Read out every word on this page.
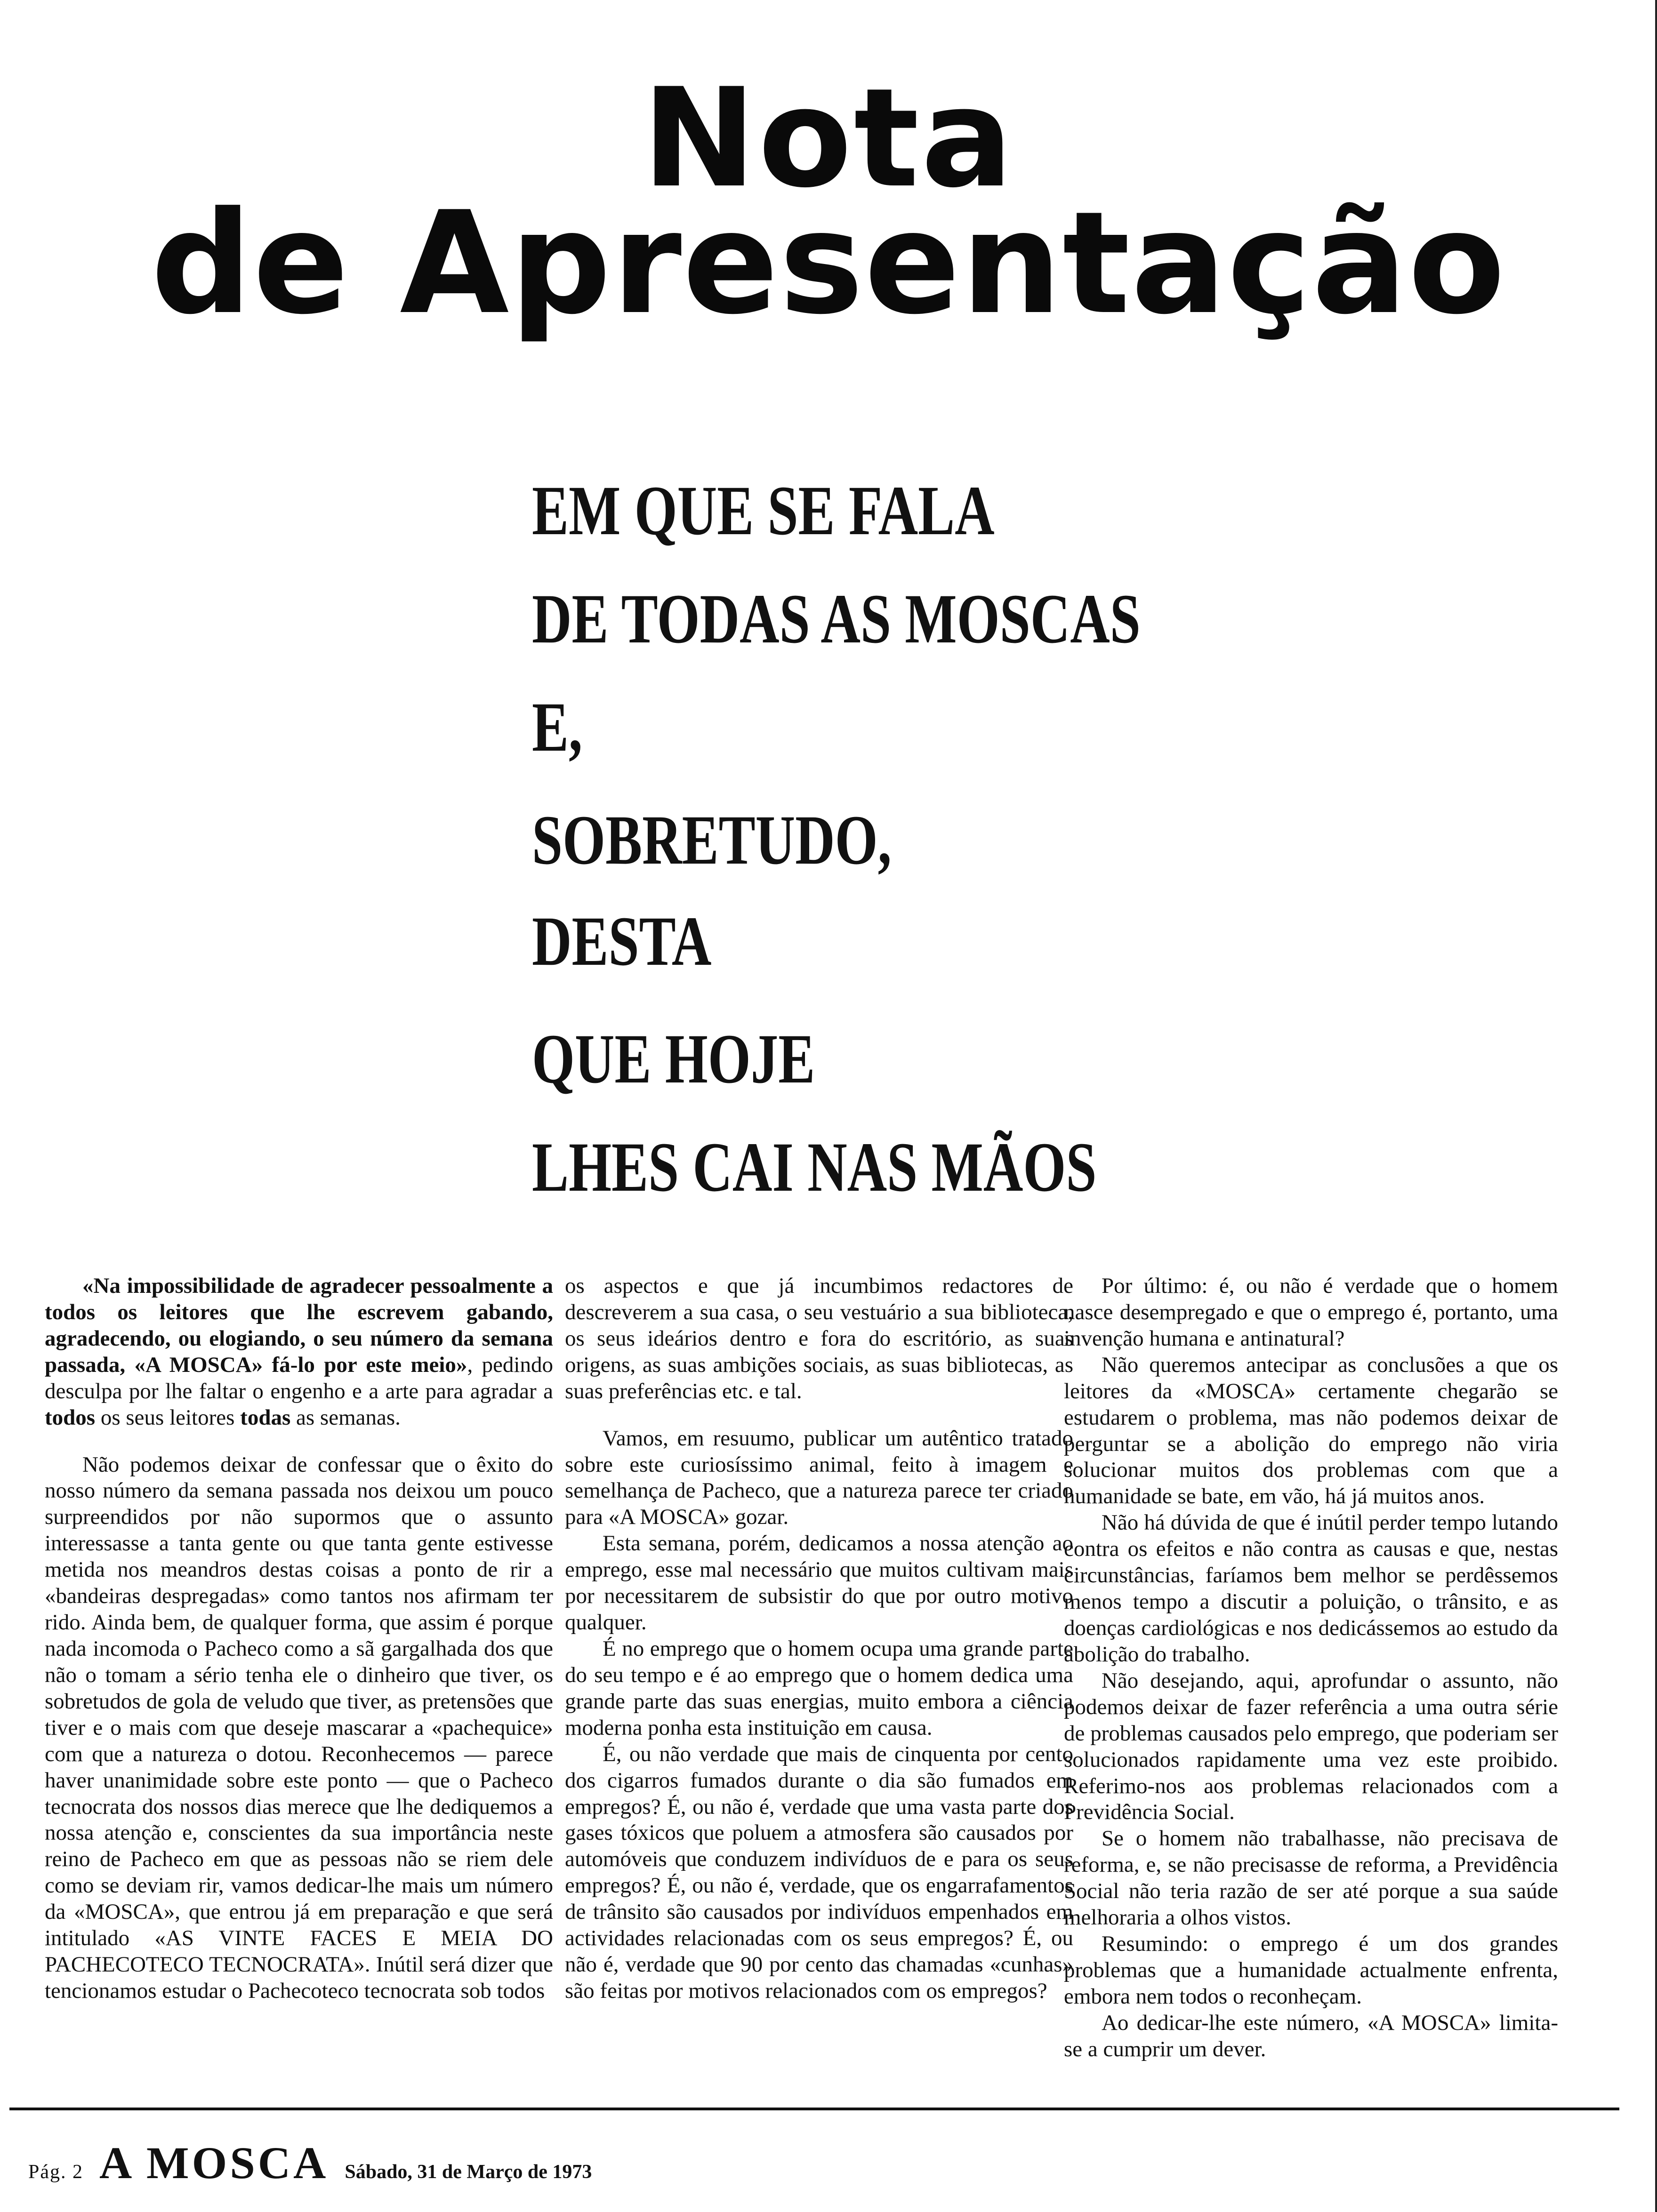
Nota
de Apresentação
EM QUE SE FALA
DE TODAS AS MOSCAS
E,
SOBRETUDO,
DESTA
QUE HOJE
LHES CAI NAS MÃOS

«Na impossibilidade de agradecer pessoalmente a todos os leitores que lhe escrevem gabando, agradecendo, ou elogiando, o seu número da semana passada, «A MOSCA» fá-lo por este meio», pedindo desculpa por lhe faltar o engenho e a arte para agradar a todos os seus leitores todas as semanas.

Não podemos deixar de confessar que o êxito do nosso número da semana passada nos deixou um pouco surpreendidos por não supormos que o assunto interessasse a tanta gente ou que tanta gente estivesse metida nos meandros destas coisas a ponto de rir a «bandeiras despregadas» como tantos nos afirmam ter rido. Ainda bem, de qualquer forma, que assim é porque nada incomoda o Pacheco como a sã gargalhada dos que não o tomam a sério tenha ele o dinheiro que tiver, os sobretudos de gola de veludo que tiver, as pretensões que tiver e o mais com que deseje mascarar a «pachequice» com que a natureza o dotou. Reconhecemos — parece haver unanimidade sobre este ponto — que o Pacheco tecnocrata dos nossos dias merece que lhe dediquemos a nossa atenção e, conscientes da sua importância neste reino de Pacheco em que as pessoas não se riem dele como se deviam rir, vamos dedicar-lhe mais um número da «MOSCA», que entrou já em preparação e que será intitulado «AS VINTE FACES E MEIA DO PACHECOTECO TECNOCRATA». Inútil será dizer que tencionamos estudar o Pachecoteco tecnocrata sob todos

os aspectos e que já incumbimos redactores de descreverem a sua casa, o seu vestuário a sua biblioteca, os seus ideários dentro e fora do escritório, as suas origens, as suas ambições sociais, as suas bibliotecas, as suas preferências etc. e tal.

Vamos, em resuumo, publicar um autêntico tratado sobre este curiosíssimo animal, feito à imagem e semelhança de Pacheco, que a natureza parece ter criado para «A MOSCA» gozar.

Esta semana, porém, dedicamos a nossa atenção ao emprego, esse mal necessário que muitos cultivam mais por necessitarem de subsistir do que por outro motivo qualquer.

É no emprego que o homem ocupa uma grande parte do seu tempo e é ao emprego que o homem dedica uma grande parte das suas energias, muito embora a ciência moderna ponha esta instituição em causa.

É, ou não verdade que mais de cinquenta por cento dos cigarros fumados durante o dia são fumados em empregos? É, ou não é, verdade que uma vasta parte dos gases tóxicos que poluem a atmosfera são causados por automóveis que conduzem indivíduos de e para os seus empregos? É, ou não é, verdade, que os engarrafamentos de trânsito são causados por indivíduos empenhados em actividades relacionadas com os seus empregos? É, ou não é, verdade que 90 por cento das chamadas «cunhas» são feitas por motivos relacionados com os empregos?

Por último: é, ou não é verdade que o homem nasce desempregado e que o emprego é, portanto, uma invenção humana e antinatural?

Não queremos antecipar as conclusões a que os leitores da «MOSCA» certamente chegarão se estudarem o problema, mas não podemos deixar de perguntar se a abolição do emprego não viria solucionar muitos dos problemas com que a humanidade se bate, em vão, há já muitos anos.

Não há dúvida de que é inútil perder tempo lutando contra os efeitos e não contra as causas e que, nestas circunstâncias, faríamos bem melhor se perdêssemos menos tempo a discutir a poluição, o trânsito, e as doenças cardiológicas e nos dedicássemos ao estudo da abolição do trabalho.

Não desejando, aqui, aprofundar o assunto, não podemos deixar de fazer referência a uma outra série de problemas causados pelo emprego, que poderiam ser solucionados rapidamente uma vez este proibido. Referimo-nos aos problemas relacionados com a Previdência Social.

Se o homem não trabalhasse, não precisava de reforma, e, se não precisasse de reforma, a Previdência Social não teria razão de ser até porque a sua saúde melhoraria a olhos vistos.

Resumindo: o emprego é um dos grandes problemas que a humanidade actualmente enfrenta, embora nem todos o reconheçam.

Ao dedicar-lhe este número, «A MOSCA» limita-se a cumprir um dever.

Pág. 2 A MOSCA Sábado, 31 de Março de 1973
